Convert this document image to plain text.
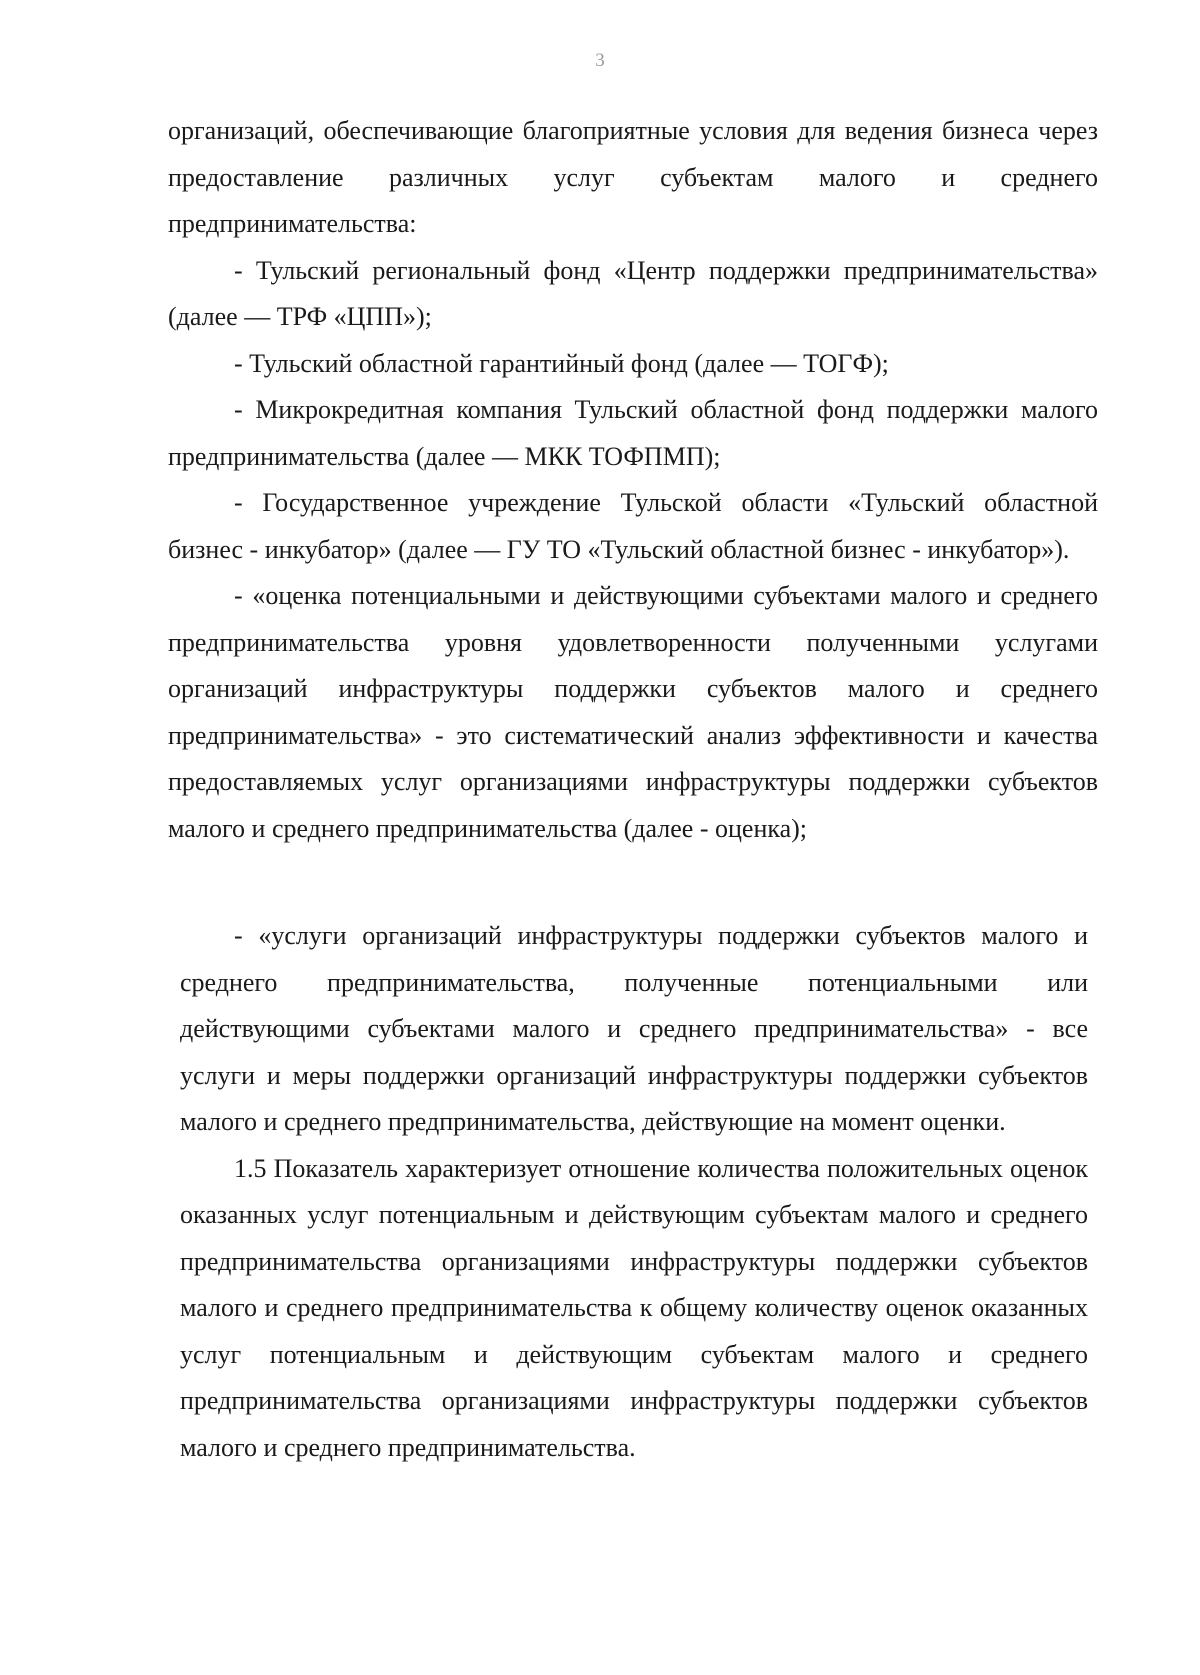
3

организаций, обеспечивающие благоприятные условия для ведения бизнеса через предоставление различных услуг субъектам малого и среднего предпринимательства:

- Тульский региональный фонд «Центр поддержки предпринимательства» (далее — ТРФ «ЦПП»);

- Тульский областной гарантийный фонд (далее — ТОГФ);

- Микрокредитная компания Тульский областной фонд поддержки малого предпринимательства (далее — МКК ТОФПМП);

- Государственное учреждение Тульской области «Тульский областной бизнес - инкубатор» (далее — ГУ ТО «Тульский областной бизнес - инкубатор»).

- «оценка потенциальными и действующими субъектами малого и среднего предпринимательства уровня удовлетворенности полученными услугами организаций инфраструктуры поддержки субъектов малого и среднего предпринимательства» - это систематический анализ эффективности и качества предоставляемых услуг организациями инфраструктуры поддержки субъектов малого и среднего предпринимательства (далее - оценка);

- «услуги организаций инфраструктуры поддержки субъектов малого и среднего предпринимательства, полученные потенциальными или действующими субъектами малого и среднего предпринимательства» - все услуги и меры поддержки организаций инфраструктуры поддержки субъектов малого и среднего предпринимательства, действующие на момент оценки.

1.5 Показатель характеризует отношение количества положительных оценок оказанных услуг потенциальным и действующим субъектам малого и среднего предпринимательства организациями инфраструктуры поддержки субъектов малого и среднего предпринимательства к общему количеству оценок оказанных услуг потенциальным и действующим субъектам малого и среднего предпринимательства организациями инфраструктуры поддержки субъектов малого и среднего предпринимательства.
